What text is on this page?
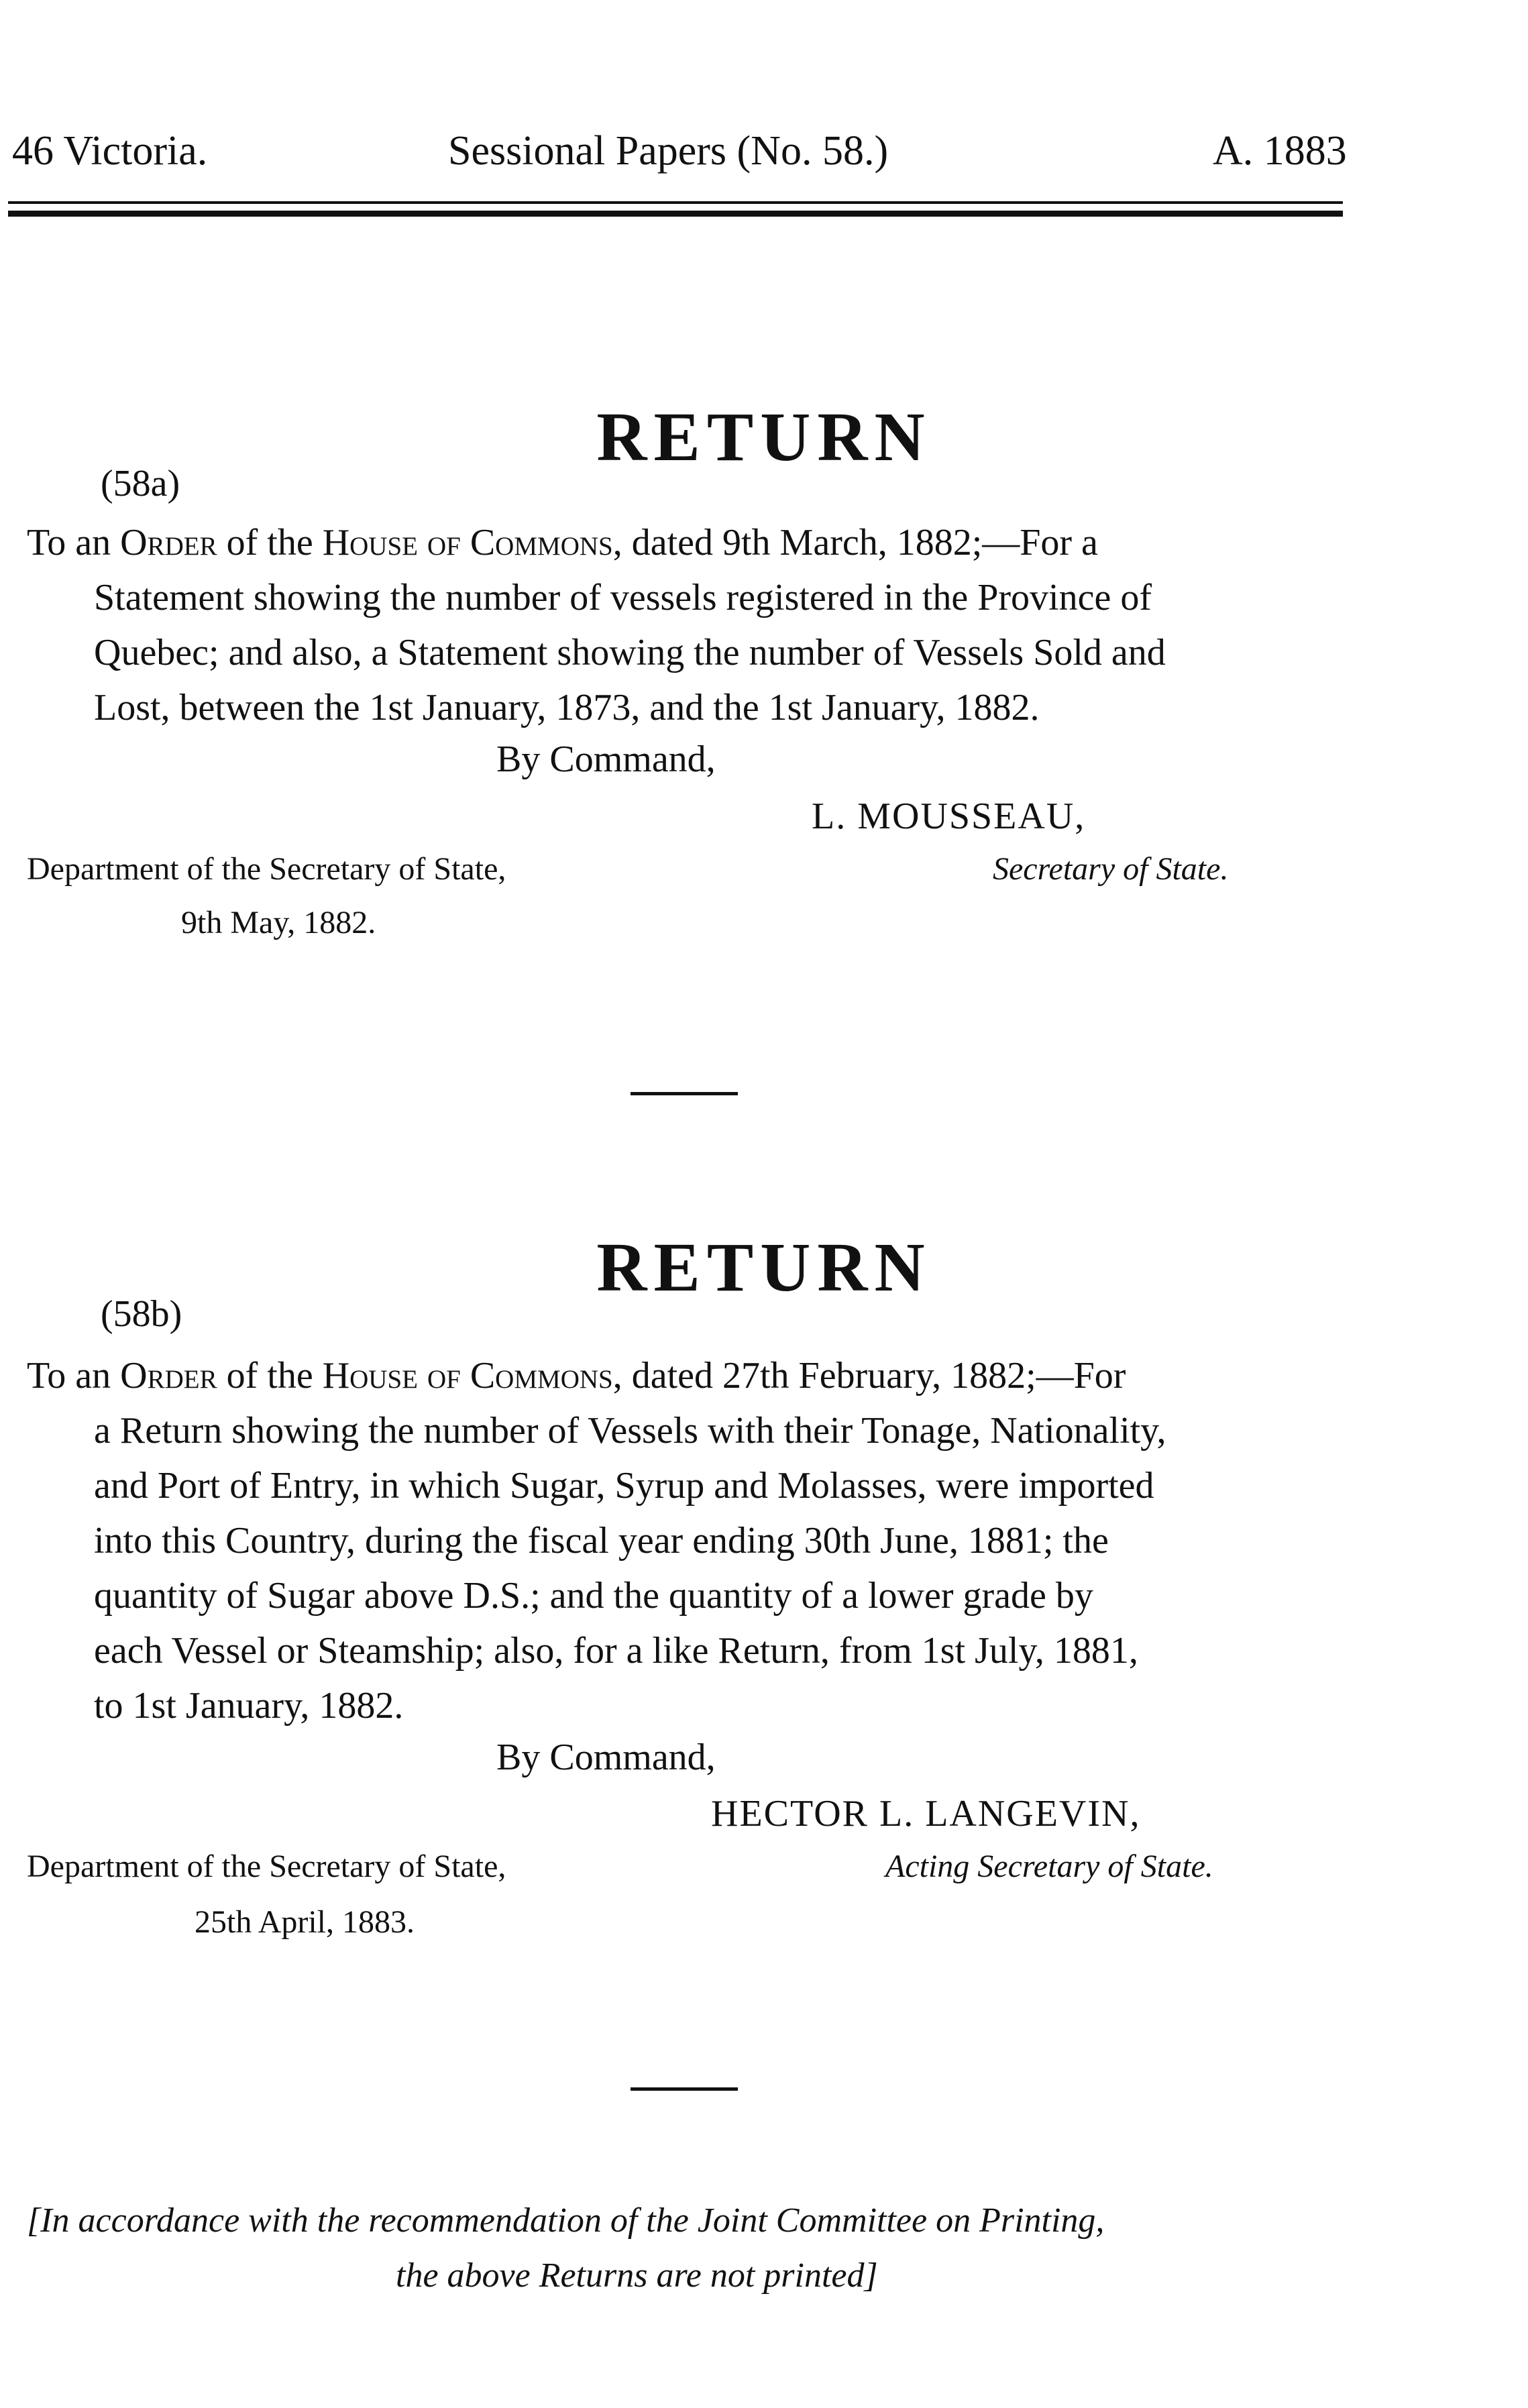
46 Victoria.	Sessional Papers (No. 58.)	A. 1883
RETURN
(58a)
To an Order of the House of Commons, dated 9th March, 1882;—For a
Statement showing the number of vessels registered in the Province of
Quebec; and also, a Statement showing the number of Vessels Sold and
Lost, between the 1st January, 1873, and the 1st January, 1882.
By Command,
L. MOUSSEAU,
Secretary of State.
Department of the Secretary of State,
9th May, 1882.
RETURN
(58b)
To an Order of the House of Commons, dated 27th February, 1882;—For
a Return showing the number of Vessels with their Tonage, Nationality,
and Port of Entry, in which Sugar, Syrup and Molasses, were imported
into this Country, during the fiscal year ending 30th June, 1881; the
quantity of Sugar above D.S.; and the quantity of a lower grade by
each Vessel or Steamship; also, for a like Return, from 1st July, 1881,
to 1st January, 1882.
By Command,
HECTOR L. LANGEVIN,
Acting Secretary of State.
Department of the Secretary of State,
25th April, 1883.
[In accordance with the recommendation of the Joint Committee on Printing,
the above Returns are not printed]
